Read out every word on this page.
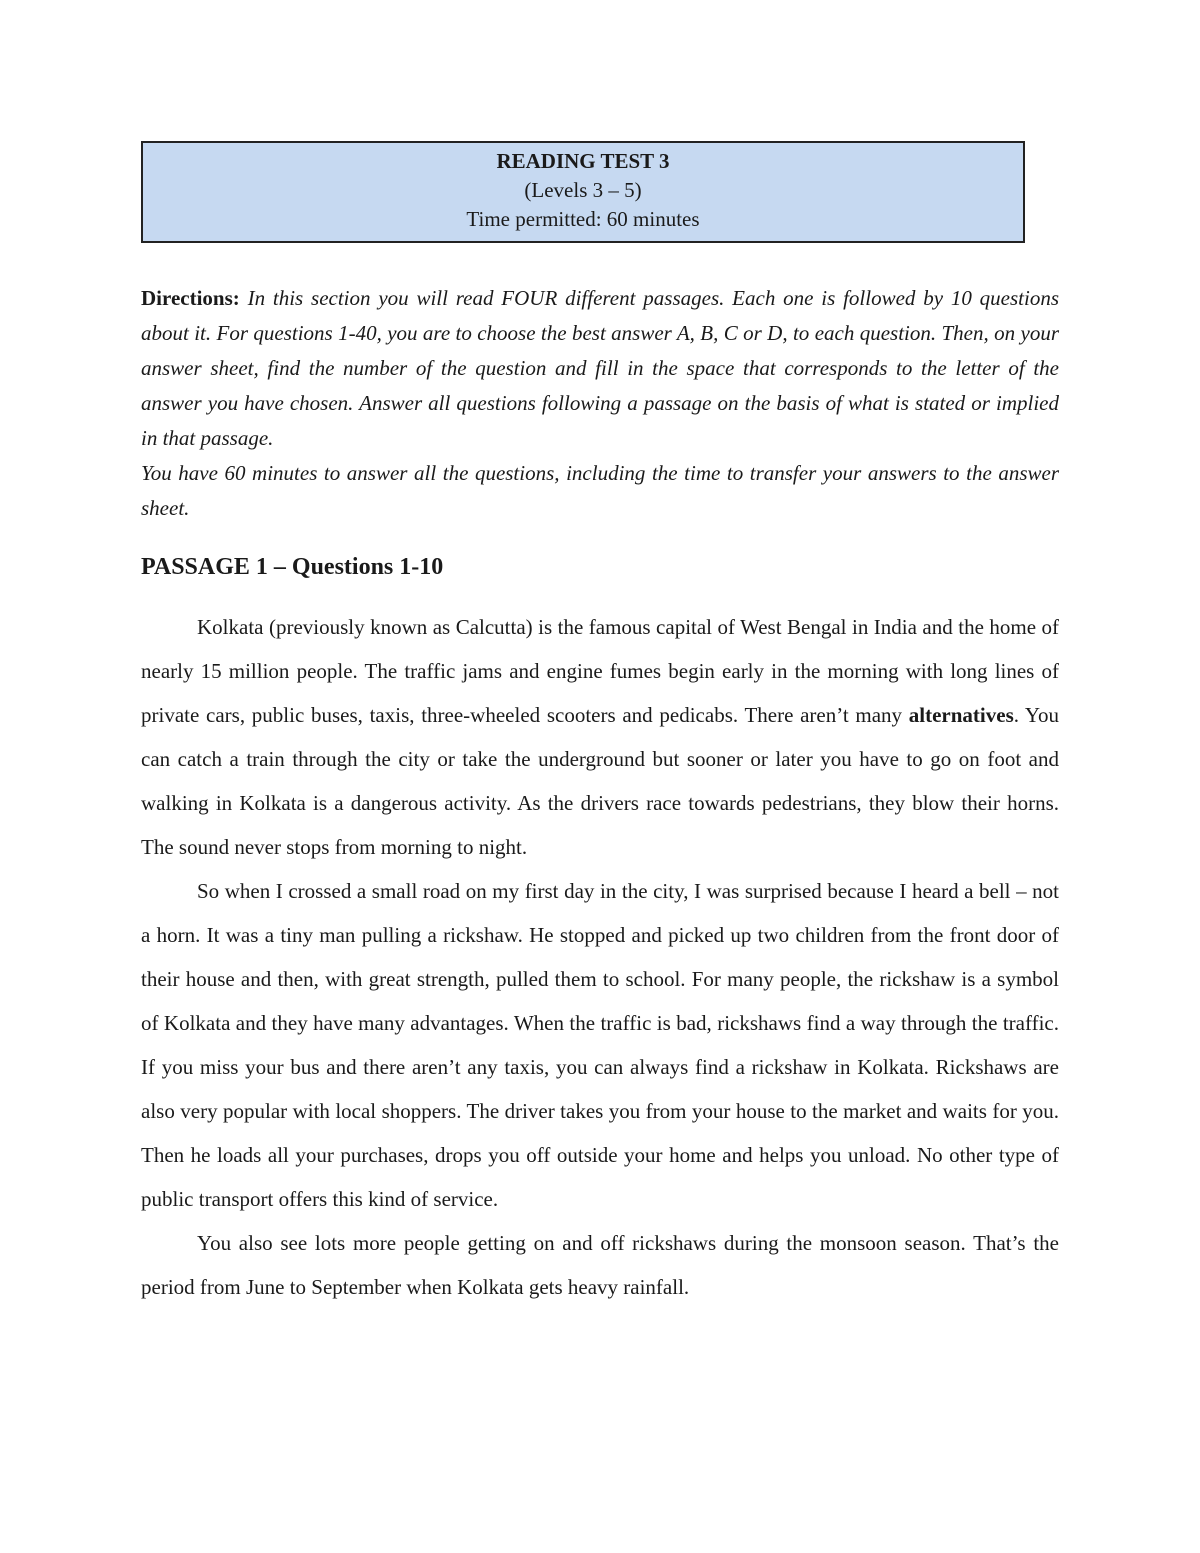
READING TEST 3
(Levels 3 – 5)
Time permitted: 60 minutes

Directions: In this section you will read FOUR different passages. Each one is followed by 10 questions about it. For questions 1-40, you are to choose the best answer A, B, C or D, to each question. Then, on your answer sheet, find the number of the question and fill in the space that corresponds to the letter of the answer you have chosen. Answer all questions following a passage on the basis of what is stated or implied in that passage.

You have 60 minutes to answer all the questions, including the time to transfer your answers to the answer sheet.

PASSAGE 1 – Questions 1-10

Kolkata (previously known as Calcutta) is the famous capital of West Bengal in India and the home of nearly 15 million people. The traffic jams and engine fumes begin early in the morning with long lines of private cars, public buses, taxis, three-wheeled scooters and pedicabs. There aren’t many alternatives. You can catch a train through the city or take the underground but sooner or later you have to go on foot and walking in Kolkata is a dangerous activity. As the drivers race towards pedestrians, they blow their horns. The sound never stops from morning to night.

So when I crossed a small road on my first day in the city, I was surprised because I heard a bell – not a horn. It was a tiny man pulling a rickshaw. He stopped and picked up two children from the front door of their house and then, with great strength, pulled them to school. For many people, the rickshaw is a symbol of Kolkata and they have many advantages. When the traffic is bad, rickshaws find a way through the traffic. If you miss your bus and there aren’t any taxis, you can always find a rickshaw in Kolkata. Rickshaws are also very popular with local shoppers. The driver takes you from your house to the market and waits for you. Then he loads all your purchases, drops you off outside your home and helps you unload. No other type of public transport offers this kind of service.

You also see lots more people getting on and off rickshaws during the monsoon season. That’s the period from June to September when Kolkata gets heavy rainfall.
